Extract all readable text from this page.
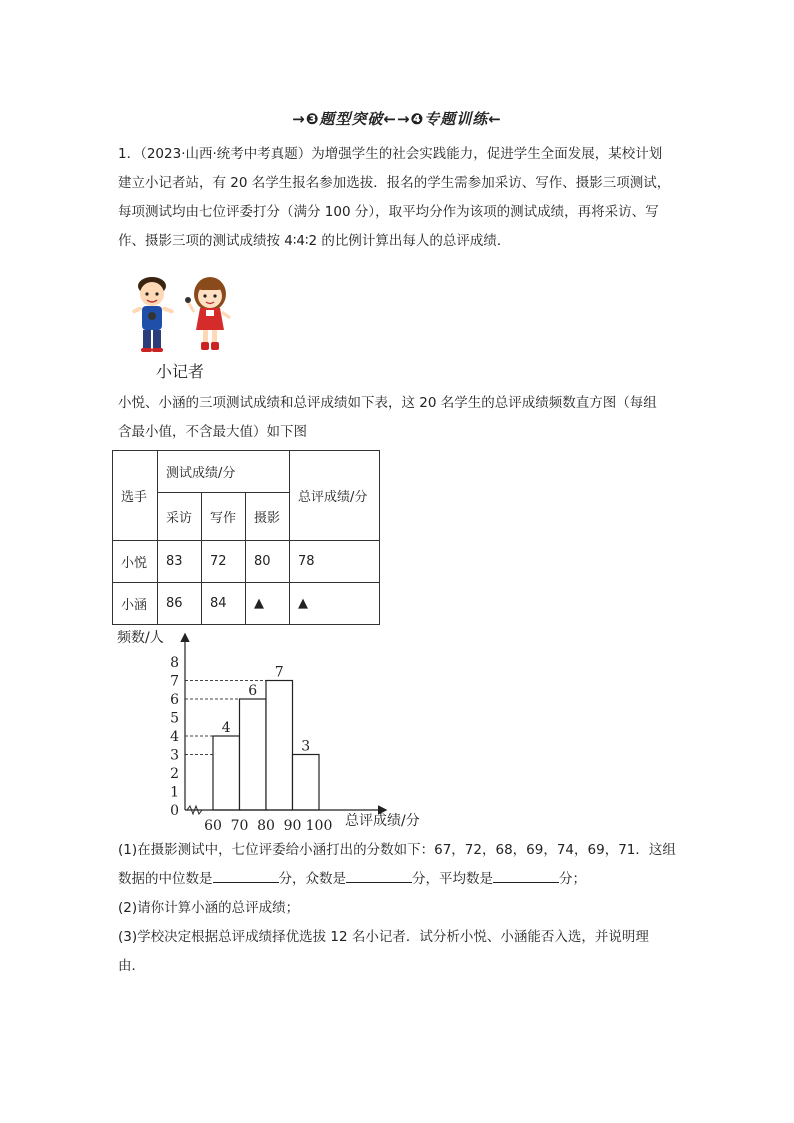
→❸题型突破←→❹专题训练←
1．（2023·山西·统考中考真题）为增强学生的社会实践能力，促进学生全面发展，某校计划
建立小记者站，有 20 名学生报名参加选拔．报名的学生需参加采访、写作、摄影三项测试，
每项测试均由七位评委打分（满分 100 分），取平均分作为该项的测试成绩，再将采访、写
作、摄影三项的测试成绩按 4∶4∶2 的比例计算出每人的总评成绩．
小记者
小悦、小涵的三项测试成绩和总评成绩如下表，这 20 名学生的总评成绩频数直方图（每组
含最小值，不含最大值）如下图
选手	测试成绩/分			总评成绩/分
	采访	写作	摄影	
小悦	83	72	80	78
小涵	86	84	▲	▲
频数/人
总评成绩/分
0
1
2
3
4
5
6
7
8
60 70 80 90 100
4
6
7
3
(1)在摄影测试中，七位评委给小涵打出的分数如下：67，72，68，69，74，69，71．这组
数据的中位数是	分，众数是	分，平均数是	分；
(2)请你计算小涵的总评成绩；
(3)学校决定根据总评成绩择优选拔 12 名小记者．试分析小悦、小涵能否入选，并说明理
由．
